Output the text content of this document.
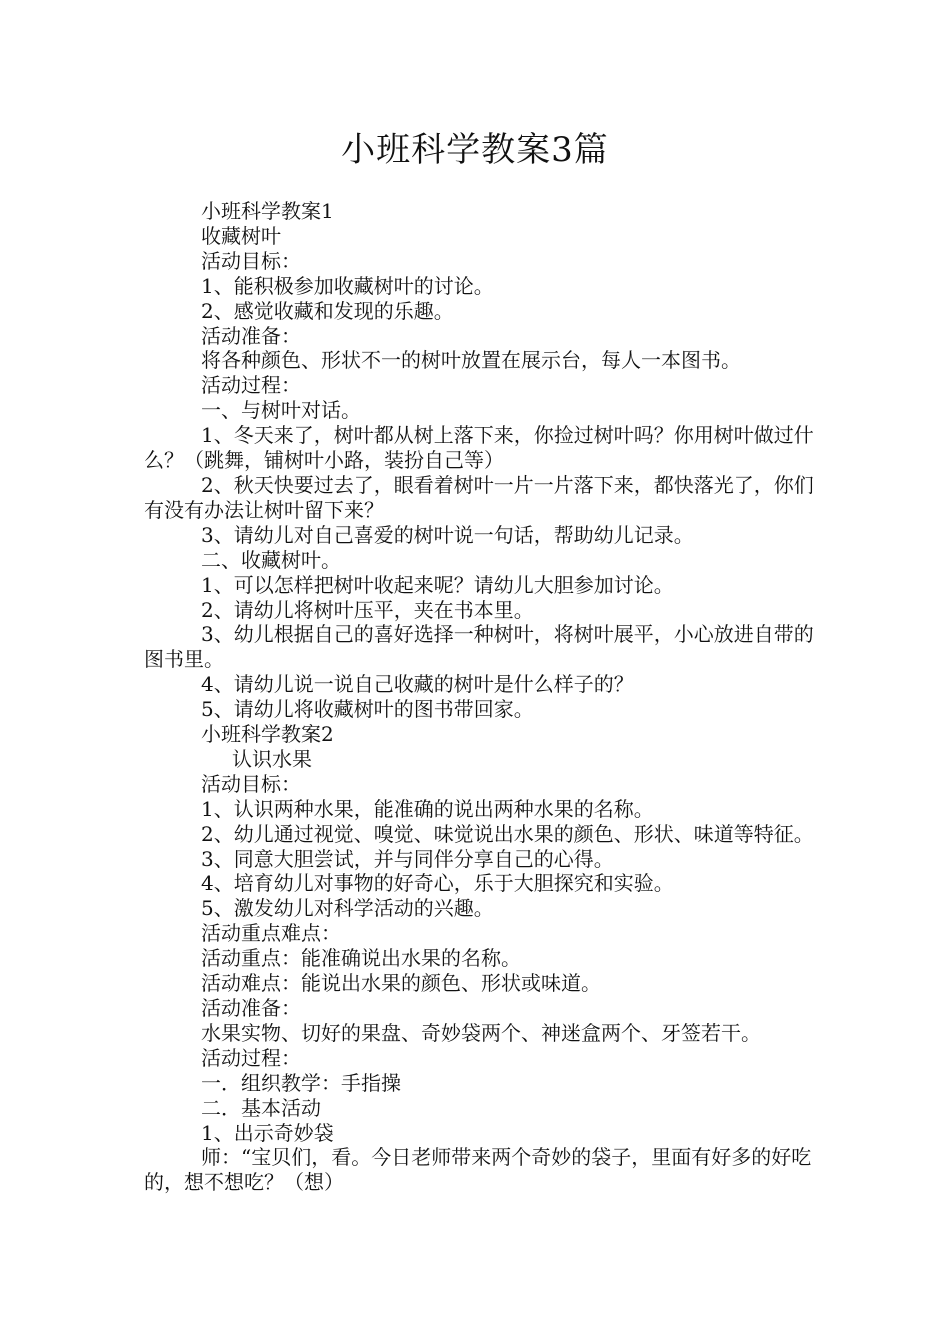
小班科学教案3篇

小班科学教案1

收藏树叶

活动目标：

1、能积极参加收藏树叶的讨论。

2、感觉收藏和发现的乐趣。

活动准备：

将各种颜色、形状不一的树叶放置在展示台，每人一本图书。

活动过程：

一、与树叶对话。

1、冬天来了，树叶都从树上落下来，你捡过树叶吗？你用树叶做过什么？（跳舞，铺树叶小路，装扮自己等）

2、秋天快要过去了，眼看着树叶一片一片落下来，都快落光了，你们有没有办法让树叶留下来？

3、请幼儿对自己喜爱的树叶说一句话，帮助幼儿记录。

二、收藏树叶。

1、可以怎样把树叶收起来呢？请幼儿大胆参加讨论。

2、请幼儿将树叶压平，夹在书本里。

3、幼儿根据自己的喜好选择一种树叶，将树叶展平，小心放进自带的图书里。

4、请幼儿说一说自己收藏的树叶是什么样子的？

5、请幼儿将收藏树叶的图书带回家。

小班科学教案2

认识水果

活动目标：

1、认识两种水果，能准确的说出两种水果的名称。

2、幼儿通过视觉、嗅觉、味觉说出水果的颜色、形状、味道等特征。

3、同意大胆尝试，并与同伴分享自己的心得。

4、培育幼儿对事物的好奇心，乐于大胆探究和实验。

5、激发幼儿对科学活动的兴趣。

活动重点难点：

活动重点：能准确说出水果的名称。

活动难点：能说出水果的颜色、形状或味道。

活动准备：

水果实物、切好的果盘、奇妙袋两个、神迷盒两个、牙签若干。

活动过程：

一．组织教学：手指操

二．基本活动

1、出示奇妙袋

师：“宝贝们，看。今日老师带来两个奇妙的袋子，里面有好多的好吃的，想不想吃？（想）
